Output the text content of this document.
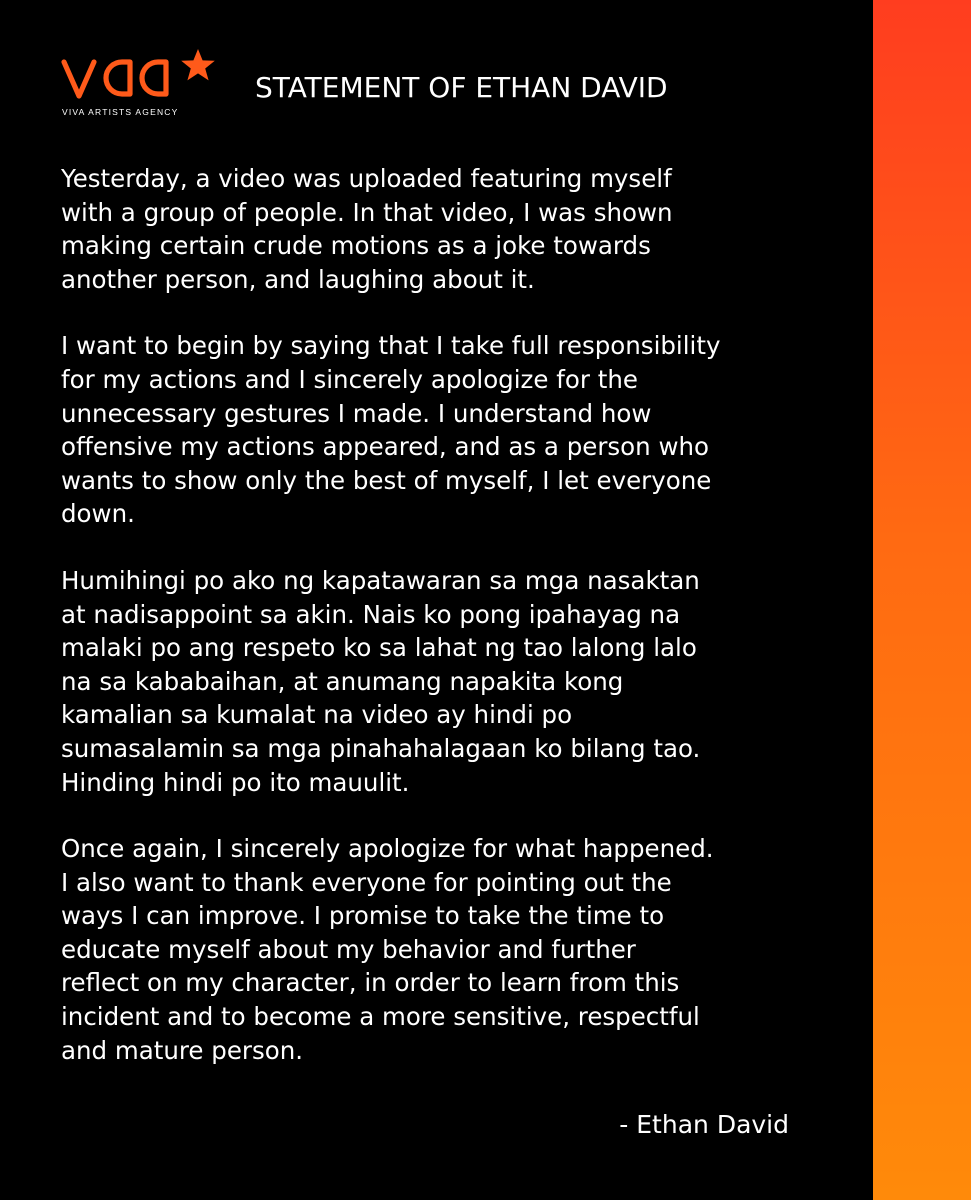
VIVA ARTISTS AGENCY
STATEMENT OF ETHAN DAVID

Yesterday, a video was uploaded featuring myself
with a group of people. In that video, I was shown
making certain crude motions as a joke towards
another person, and laughing about it.

I want to begin by saying that I take full responsibility
for my actions and I sincerely apologize for the
unnecessary gestures I made. I understand how
offensive my actions appeared, and as a person who
wants to show only the best of myself, I let everyone
down.

Humihingi po ako ng kapatawaran sa mga nasaktan
at nadisappoint sa akin. Nais ko pong ipahayag na
malaki po ang respeto ko sa lahat ng tao lalong lalo
na sa kababaihan, at anumang napakita kong
kamalian sa kumalat na video ay hindi po
sumasalamin sa mga pinahahalagaan ko bilang tao.
Hinding hindi po ito mauulit.

Once again, I sincerely apologize for what happened.
I also want to thank everyone for pointing out the
ways I can improve. I promise to take the time to
educate myself about my behavior and further
reflect on my character, in order to learn from this
incident and to become a more sensitive, respectful
and mature person.

- Ethan David
